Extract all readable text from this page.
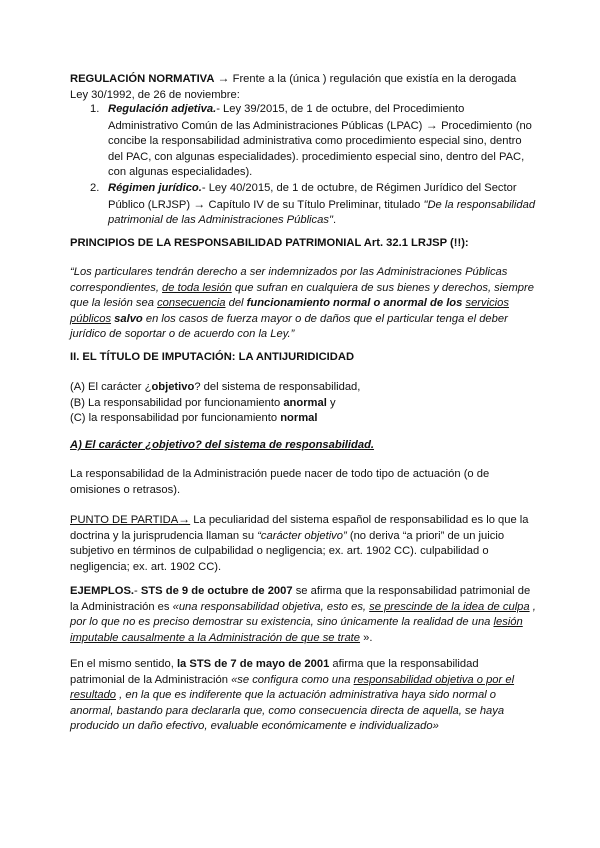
REGULACIÓN NORMATIVA → Frente a la (única ) regulación que existía en la derogada Ley 30/1992, de 26 de noviembre:

1. Regulación adjetiva.- Ley 39/2015, de 1 de octubre, del Procedimiento Administrativo Común de las Administraciones Públicas (LPAC) → Procedimiento (no concibe la responsabilidad administrativa como procedimiento especial sino, dentro del PAC, con algunas especialidades). procedimiento especial sino, dentro del PAC, con algunas especialidades).
2. Régimen jurídico.- Ley 40/2015, de 1 de octubre, de Régimen Jurídico del Sector Público (LRJSP) → Capítulo IV de su Título Preliminar, titulado "De la responsabilidad patrimonial de las Administraciones Públicas".

PRINCIPIOS DE LA RESPONSABILIDAD PATRIMONIAL Art. 32.1 LRJSP (!!):

“Los particulares tendrán derecho a ser indemnizados por las Administraciones Públicas correspondientes, de toda lesión que sufran en cualquiera de sus bienes y derechos, siempre que la lesión sea consecuencia del funcionamiento normal o anormal de los servicios públicos salvo en los casos de fuerza mayor o de daños que el particular tenga el deber jurídico de soportar o de acuerdo con la Ley.”

II. EL TÍTULO DE IMPUTACIÓN: LA ANTIJURIDICIDAD

(A) El carácter ¿objetivo? del sistema de responsabilidad,
(B) La responsabilidad por funcionamiento anormal y
(C) la responsabilidad por funcionamiento normal

A) El carácter ¿objetivo? del sistema de responsabilidad.

La responsabilidad de la Administración puede nacer de todo tipo de actuación (o de omisiones o retrasos).

PUNTO DE PARTIDA→ La peculiaridad del sistema español de responsabilidad es lo que la doctrina y la jurisprudencia llaman su “carácter objetivo” (no deriva “a priori” de un juicio subjetivo en términos de culpabilidad o negligencia; ex. art. 1902 CC). culpabilidad o negligencia; ex. art. 1902 CC).

EJEMPLOS.- STS de 9 de octubre de 2007 se afirma que la responsabilidad patrimonial de la Administración es «una responsabilidad objetiva, esto es, se prescinde de la idea de culpa , por lo que no es preciso demostrar su existencia, sino únicamente la realidad de una lesión imputable causalmente a la Administración de que se trate ».

En el mismo sentido, la STS de 7 de mayo de 2001 afirma que la responsabilidad patrimonial de la Administración «se configura como una responsabilidad objetiva o por el resultado , en la que es indiferente que la actuación administrativa haya sido normal o anormal, bastando para declararla que, como consecuencia directa de aquella, se haya producido un daño efectivo, evaluable económicamente e individualizado»
